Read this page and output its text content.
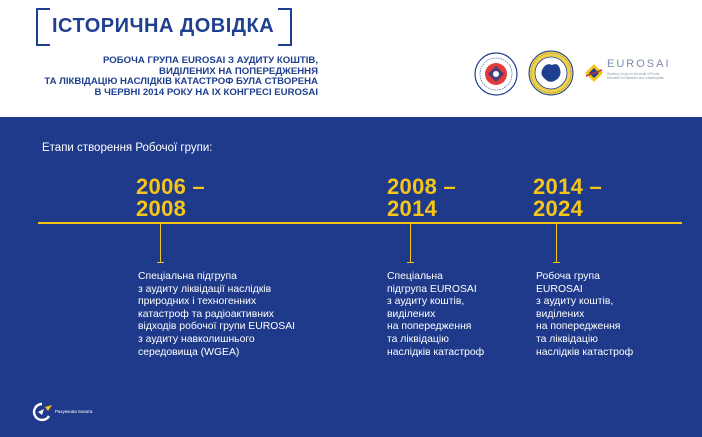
ІСТОРИЧНА ДОВІДКА
РОБОЧА ГРУПА EUROSAI З АУДИТУ КОШТІВ,
ВИДІЛЕНИХ НА ПОПЕРЕДЖЕННЯ
ТА ЛІКВІДАЦІЮ НАСЛІДКІВ КАТАСТРОФ БУЛА СТВОРЕНА
В ЧЕРВНІ 2014 РОКУ НА IX КОНГРЕСІ EUROSAI
EUROSAI
Working Group on the Audit of Funds Allocated to Disasters and Catastrophes
Етапи створення Робочої групи:
2006 –
2008
2008 –
2014
2014 –
2024
Спеціальна підгрупа
з аудиту ліквідації наслідків
природних і техногенних
катастроф та радіоактивних
відходів робочої групи EUROSAI
з аудиту навколишнього
середовища (WGEA)
Спеціальна
підгрупа EUROSAI
з аудиту коштів,
виділених
на попередження
та ліквідацію
наслідків катастроф
Робоча група
EUROSAI
з аудиту коштів,
виділених
на попередження
та ліквідацію
наслідків катастроф
Рахункова палата
